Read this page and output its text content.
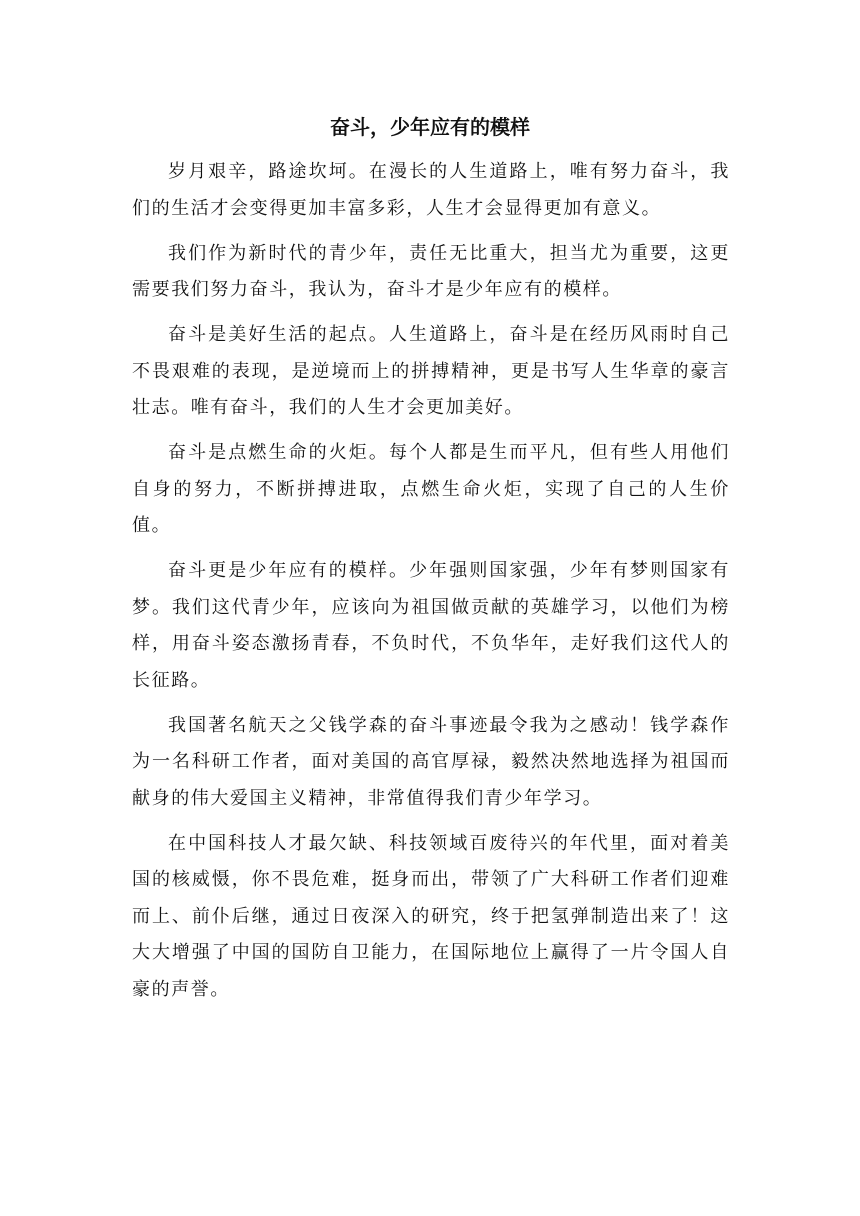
奋斗，少年应有的模样

岁月艰辛，路途坎坷。在漫长的人生道路上，唯有努力奋斗，我们的生活才会变得更加丰富多彩，人生才会显得更加有意义。

我们作为新时代的青少年，责任无比重大，担当尤为重要，这更需要我们努力奋斗，我认为，奋斗才是少年应有的模样。

奋斗是美好生活的起点。人生道路上，奋斗是在经历风雨时自己不畏艰难的表现，是逆境而上的拼搏精神，更是书写人生华章的豪言壮志。唯有奋斗，我们的人生才会更加美好。

奋斗是点燃生命的火炬。每个人都是生而平凡，但有些人用他们自身的努力，不断拼搏进取，点燃生命火炬，实现了自己的人生价值。

奋斗更是少年应有的模样。少年强则国家强，少年有梦则国家有梦。我们这代青少年，应该向为祖国做贡献的英雄学习，以他们为榜样，用奋斗姿态激扬青春，不负时代，不负华年，走好我们这代人的长征路。

我国著名航天之父钱学森的奋斗事迹最令我为之感动！钱学森作为一名科研工作者，面对美国的高官厚禄，毅然决然地选择为祖国而献身的伟大爱国主义精神，非常值得我们青少年学习。

在中国科技人才最欠缺、科技领域百废待兴的年代里，面对着美国的核威慑，你不畏危难，挺身而出，带领了广大科研工作者们迎难而上、前仆后继，通过日夜深入的研究，终于把氢弹制造出来了！这大大增强了中国的国防自卫能力，在国际地位上赢得了一片令国人自豪的声誉。
